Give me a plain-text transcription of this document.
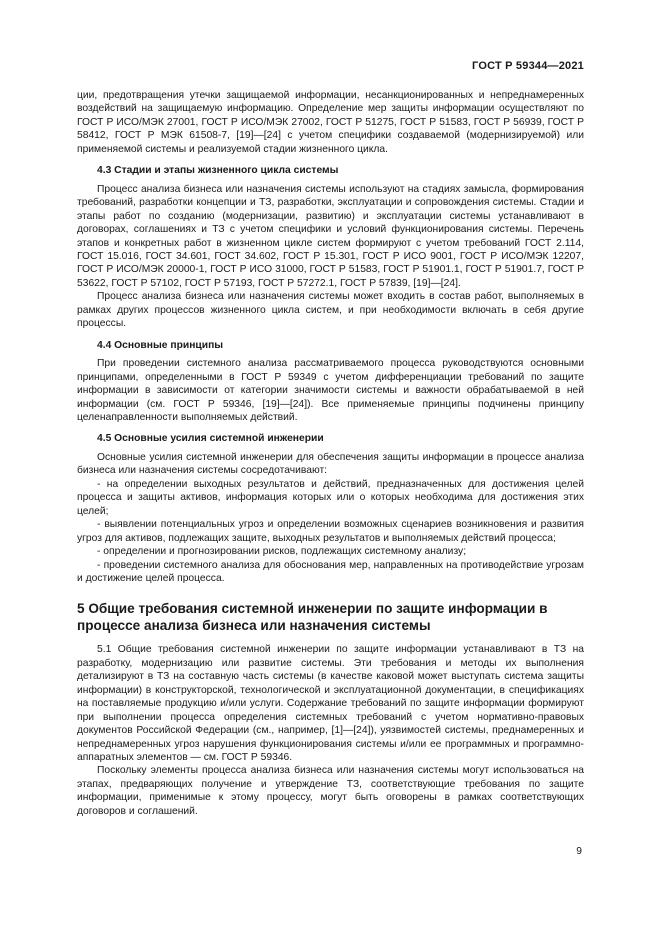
ГОСТ Р 59344—2021

ции, предотвращения утечки защищаемой информации, несанкционированных и непреднамеренных воздействий на защищаемую информацию. Определение мер защиты информации осуществляют по ГОСТ Р ИСО/МЭК 27001, ГОСТ Р ИСО/МЭК 27002, ГОСТ Р 51275, ГОСТ Р 51583, ГОСТ Р 56939, ГОСТ Р 58412, ГОСТ Р МЭК 61508-7, [19]—[24] с учетом специфики создаваемой (модернизируемой) или применяемой системы и реализуемой стадии жизненного цикла.

4.3 Стадии и этапы жизненного цикла системы

Процесс анализа бизнеса или назначения системы используют на стадиях замысла, формирования требований, разработки концепции и ТЗ, разработки, эксплуатации и сопровождения системы. Стадии и этапы работ по созданию (модернизации, развитию) и эксплуатации системы устанавливают в договорах, соглашениях и ТЗ с учетом специфики и условий функционирования системы. Перечень этапов и конкретных работ в жизненном цикле систем формируют с учетом требований ГОСТ 2.114, ГОСТ 15.016, ГОСТ 34.601, ГОСТ 34.602, ГОСТ Р 15.301, ГОСТ Р ИСО 9001, ГОСТ Р ИСО/МЭК 12207, ГОСТ Р ИСО/МЭК 20000-1, ГОСТ Р ИСО 31000, ГОСТ Р 51583, ГОСТ Р 51901.1, ГОСТ Р 51901.7, ГОСТ Р 53622, ГОСТ Р 57102, ГОСТ Р 57193, ГОСТ Р 57272.1, ГОСТ Р 57839, [19]—[24].

Процесс анализа бизнеса или назначения системы может входить в состав работ, выполняемых в рамках других процессов жизненного цикла систем, и при необходимости включать в себя другие процессы.

4.4 Основные принципы

При проведении системного анализа рассматриваемого процесса руководствуются основными принципами, определенными в ГОСТ Р 59349 с учетом дифференциации требований по защите информации в зависимости от категории значимости системы и важности обрабатываемой в ней информации (см. ГОСТ Р 59346, [19]—[24]). Все применяемые принципы подчинены принципу целенаправленности выполняемых действий.

4.5 Основные усилия системной инженерии

Основные усилия системной инженерии для обеспечения защиты информации в процессе анализа бизнеса или назначения системы сосредотачивают:

- на определении выходных результатов и действий, предназначенных для достижения целей процесса и защиты активов, информация которых или о которых необходима для достижения этих целей;

- выявлении потенциальных угроз и определении возможных сценариев возникновения и развития угроз для активов, подлежащих защите, выходных результатов и выполняемых действий процесса;

- определении и прогнозировании рисков, подлежащих системному анализу;

- проведении системного анализа для обоснования мер, направленных на противодействие угрозам и достижение целей процесса.

5 Общие требования системной инженерии по защите информации в процессе анализа бизнеса или назначения системы

5.1 Общие требования системной инженерии по защите информации устанавливают в ТЗ на разработку, модернизацию или развитие системы. Эти требования и методы их выполнения детализируют в ТЗ на составную часть системы (в качестве каковой может выступать система защиты информации) в конструкторской, технологической и эксплуатационной документации, в спецификациях на поставляемые продукцию и/или услуги. Содержание требований по защите информации формируют при выполнении процесса определения системных требований с учетом нормативно-правовых документов Российской Федерации (см., например, [1]—[24]), уязвимостей системы, преднамеренных и непреднамеренных угроз нарушения функционирования системы и/или ее программных и программно-аппаратных элементов — см. ГОСТ Р 59346.

Поскольку элементы процесса анализа бизнеса или назначения системы могут использоваться на этапах, предваряющих получение и утверждение ТЗ, соответствующие требования по защите информации, применимые к этому процессу, могут быть оговорены в рамках соответствующих договоров и соглашений.

9
